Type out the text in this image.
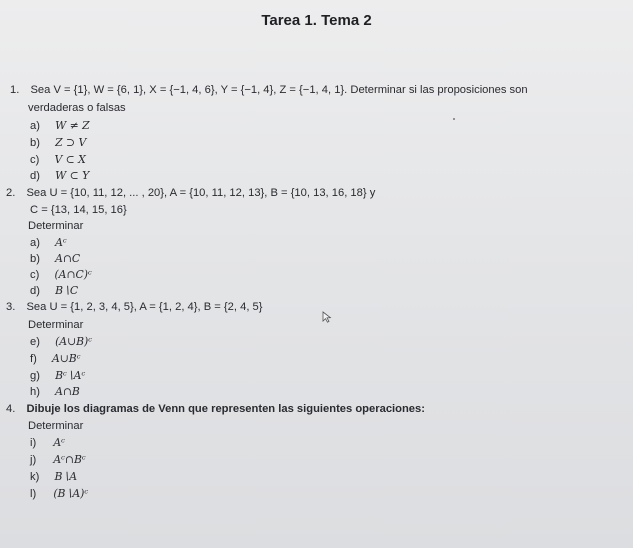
Tarea 1. Tema 2
1. Sea V = {1}, W = {6, 1}, X = {−1, 4, 6}, Y = {−1, 4}, Z = {−1, 4, 1}. Determinar si las proposiciones son
verdaderas o falsas
a) W ≠ Z
b) Z ⊃ V
c) V ⊂ X
d) W ⊂ Y
2. Sea U = {10, 11, 12, ... , 20}, A = {10, 11, 12, 13}, B = {10, 13, 16, 18} y
C = {13, 14, 15, 16}
Determinar
a) Aᶜ
b) A∩C
c) (A∩C)ᶜ
d) B∖C
3. Sea U = {1, 2, 3, 4, 5}, A = {1, 2, 4}, B = {2, 4, 5}
Determinar
e) (A∪B)ᶜ
f) A∪Bᶜ
g) Bᶜ∖Aᶜ
h) A∩B
4. Dibuje los diagramas de Venn que representen las siguientes operaciones:
Determinar
i) Aᶜ
j) Aᶜ∩Bᶜ
k) B∖A
l) (B∖A)ᶜ
